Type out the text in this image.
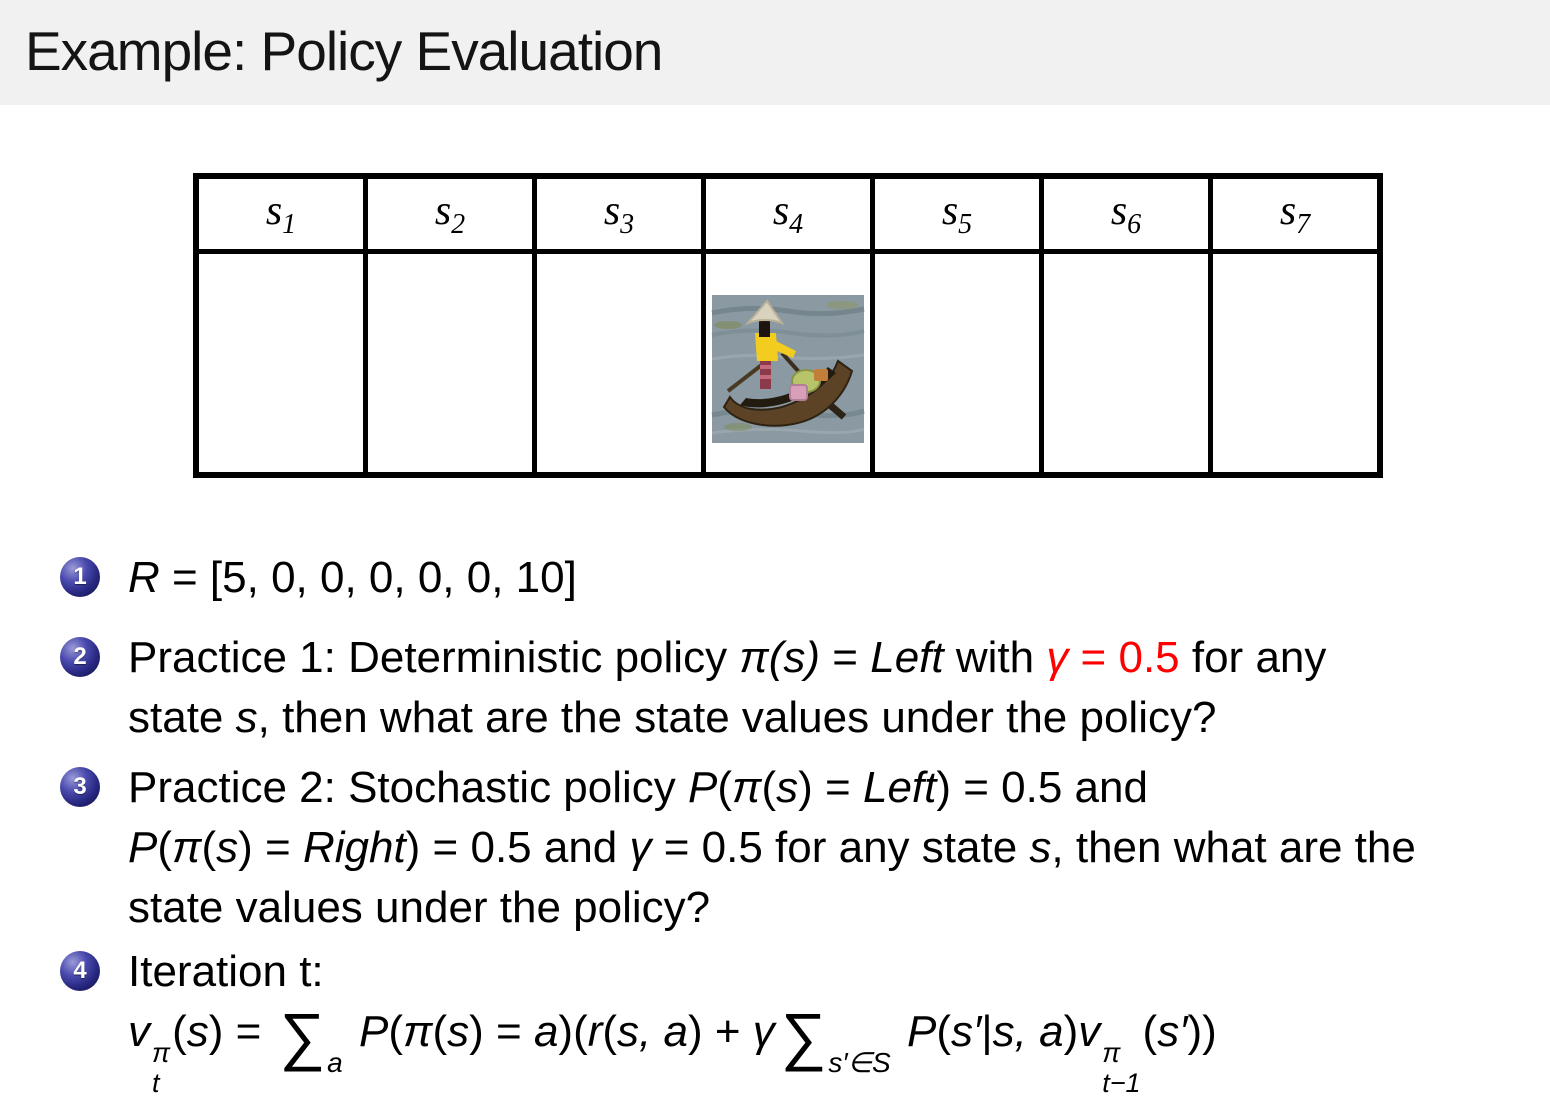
Example: Policy Evaluation
$s_1$	$s_2$	$s_3$	$s_4$	$s_5$	$s_6$	$s_7$

1 R = [5, 0, 0, 0, 0, 0, 10]
2 Practice 1: Deterministic policy π(s) = Left with γ = 0.5 for any
state s, then what are the state values under the policy?
3 Practice 2: Stochastic policy P(π(s) = Left) = 0.5 and
P(π(s) = Right) = 0.5 and γ = 0.5 for any state s, then what are the
state values under the policy?
4 Iteration t:
v π
t
$(s) = \sum_a$ P(π(s) = a)(r(s, $a) + \gamma\sum_{s'\in S}$ P(s′|s, a)v π
t−1
(s′))
